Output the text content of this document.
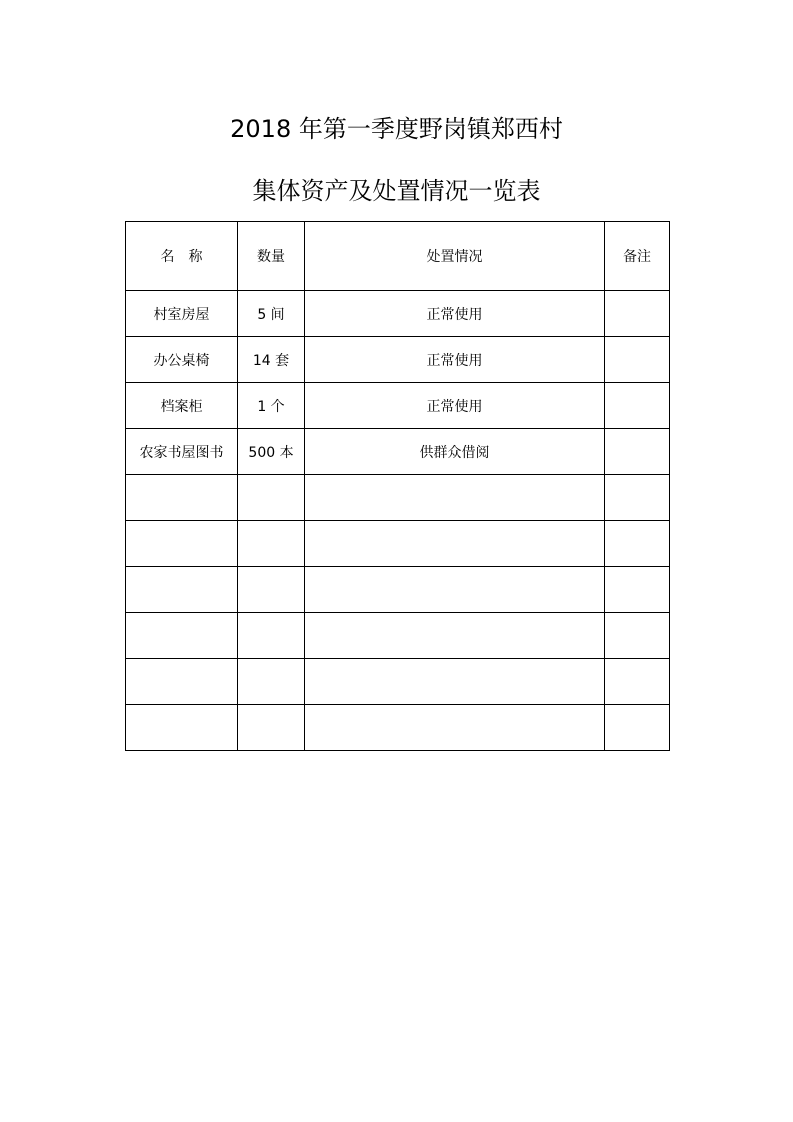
2018 年第一季度野岗镇郑西村
集体资产及处置情况一览表
名　称	数量	处置情况	备注
村室房屋	5 间	正常使用	
办公桌椅	14 套	正常使用	
档案柜	1 个	正常使用	
农家书屋图书	500 本	供群众借阅	
